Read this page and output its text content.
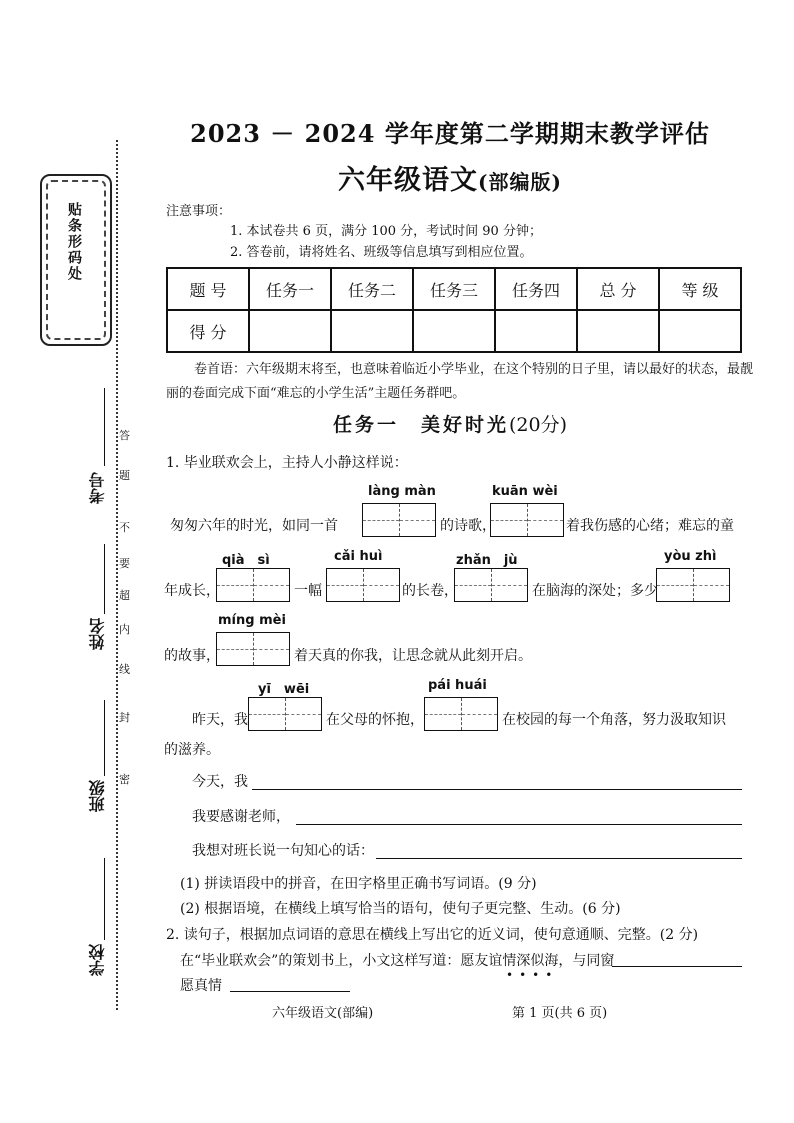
贴条形码处
答
题
不
要
超
内
线
封
密
考号
姓名
班级
学校
2023 － 2024 学年度第二学期期末教学评估
六年级语文(部编版)
注意事项：
1. 本试卷共 6 页，满分 100 分，考试时间 90 分钟；
2. 答卷前，请将姓名、班级等信息填写到相应位置。
题 号	任务一	任务二	任务三	任务四	总 分	等 级
得 分						
卷首语：六年级期末将至，也意味着临近小学毕业，在这个特别的日子里，请以最好的状态，最靓丽的卷面完成下面“难忘的小学生活”主题任务群吧。
任务一　美好时光(20分)
1. 毕业联欢会上，主持人小静这样说：
làng màn	kuān wèi
匆匆六年的时光，如同一首	的诗歌，	着我伤感的心绪；难忘的童
qià　sì	cǎi huì	zhǎn　jù	yòu zhì
年成长，	一幅	的长卷，	在脑海的深处；多少
míng mèi
的故事，	着天真的你我，让思念就从此刻开启。
yī　wēi	pái huái
昨天，我	在父母的怀抱，	在校园的每一个角落，努力汲取知识
的滋养。
今天，我
我要感谢老师，
我想对班长说一句知心的话：
(1) 拼读语段中的拼音，在田字格里正确书写词语。(9 分)
(2) 根据语境，在横线上填写恰当的语句，使句子更完整、生动。(6 分)
2. 读句子，根据加点词语的意思在横线上写出它的近义词，使句意通顺、完整。(2 分)
在“毕业联欢会”的策划书上，小文这样写道：愿友谊情深似海，与同窗
••••
愿真情
六年级语文(部编)	第 1 页(共 6 页)
